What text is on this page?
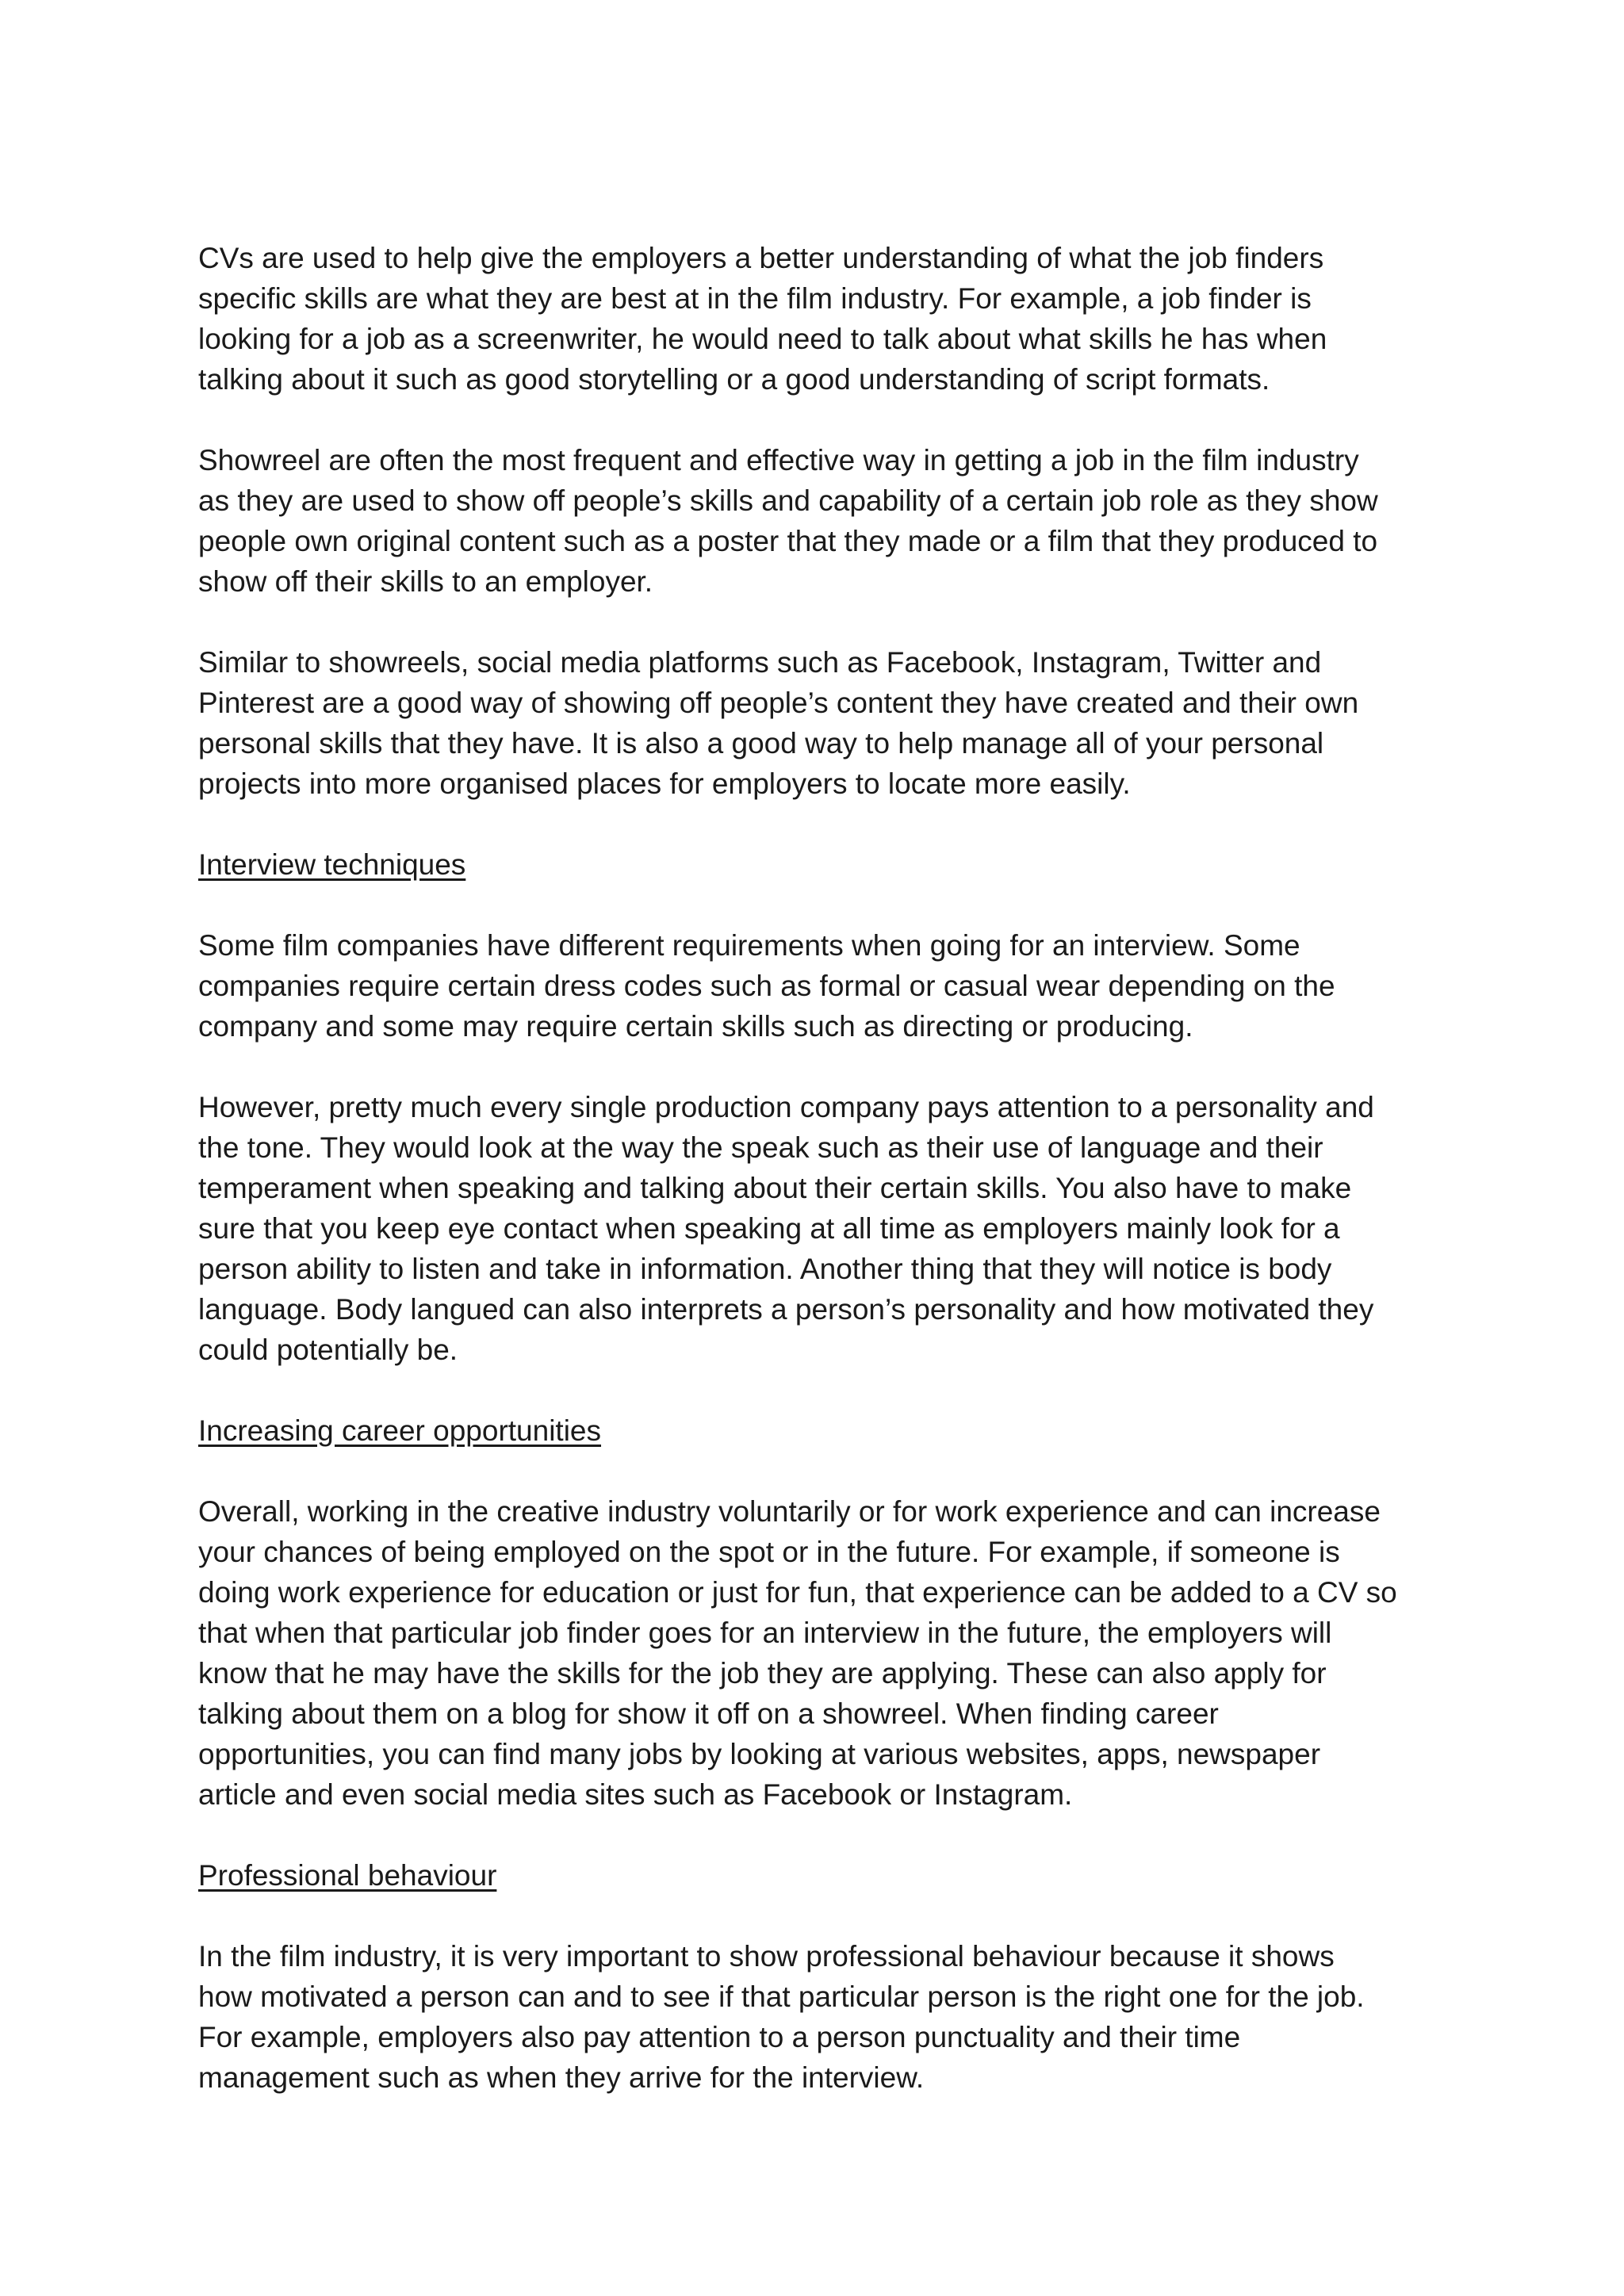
CVs are used to help give the employers a better understanding of what the job finders
specific skills are what they are best at in the film industry. For example, a job finder is
looking for a job as a screenwriter, he would need to talk about what skills he has when
talking about it such as good storytelling or a good understanding of script formats.
Showreel are often the most frequent and effective way in getting a job in the film industry
as they are used to show off people’s skills and capability of a certain job role as they show
people own original content such as a poster that they made or a film that they produced to
show off their skills to an employer.
Similar to showreels, social media platforms such as Facebook, Instagram, Twitter and
Pinterest are a good way of showing off people’s content they have created and their own
personal skills that they have. It is also a good way to help manage all of your personal
projects into more organised places for employers to locate more easily.
Interview techniques
Some film companies have different requirements when going for an interview. Some
companies require certain dress codes such as formal or casual wear depending on the
company and some may require certain skills such as directing or producing.
However, pretty much every single production company pays attention to a personality and
the tone. They would look at the way the speak such as their use of language and their
temperament when speaking and talking about their certain skills. You also have to make
sure that you keep eye contact when speaking at all time as employers mainly look for a
person ability to listen and take in information. Another thing that they will notice is body
language. Body langued can also interprets a person’s personality and how motivated they
could potentially be.
Increasing career opportunities
Overall, working in the creative industry voluntarily or for work experience and can increase
your chances of being employed on the spot or in the future. For example, if someone is
doing work experience for education or just for fun, that experience can be added to a CV so
that when that particular job finder goes for an interview in the future, the employers will
know that he may have the skills for the job they are applying. These can also apply for
talking about them on a blog for show it off on a showreel. When finding career
opportunities, you can find many jobs by looking at various websites, apps, newspaper
article and even social media sites such as Facebook or Instagram.
Professional behaviour
In the film industry, it is very important to show professional behaviour because it shows
how motivated a person can and to see if that particular person is the right one for the job.
For example, employers also pay attention to a person punctuality and their time
management such as when they arrive for the interview.
